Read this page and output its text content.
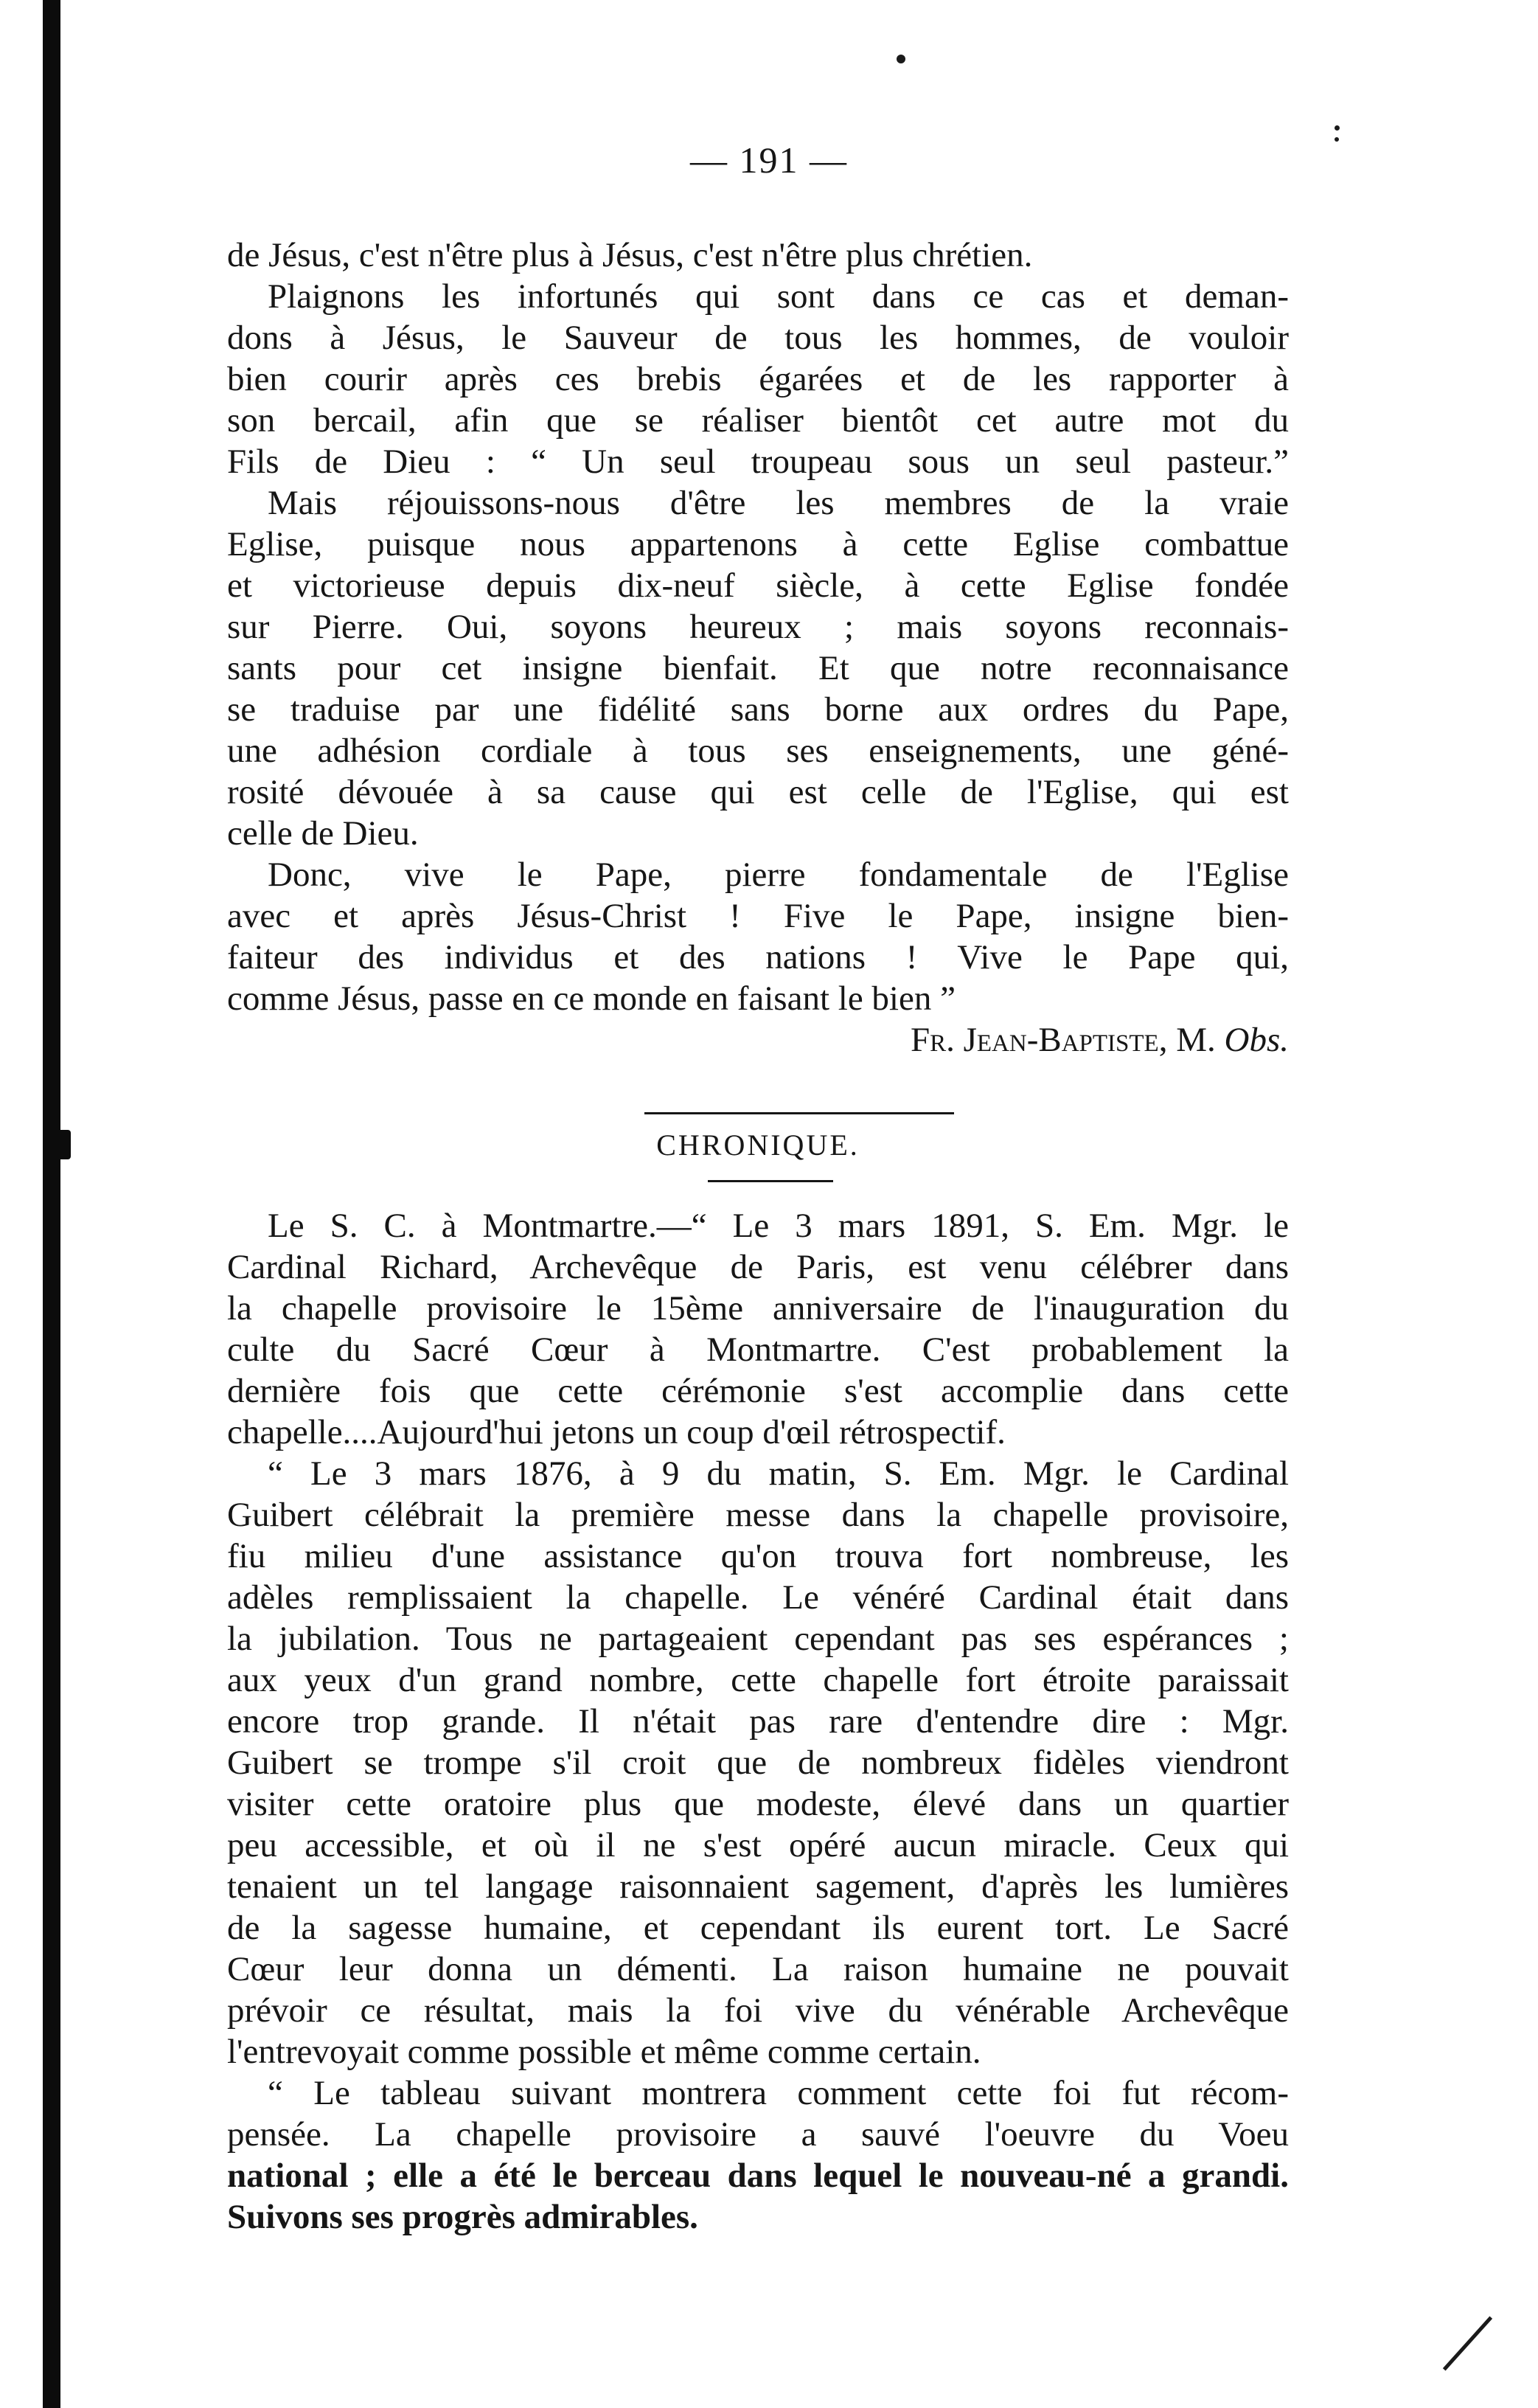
— 191 —
de Jésus, c'est n'être plus à Jésus, c'est n'être plus chrétien.
Plaignons les infortunés qui sont dans ce cas et deman-
dons à Jésus, le Sauveur de tous les hommes, de vouloir
bien courir après ces brebis égarées et de les rapporter à
son bercail, afin que se réaliser bientôt cet autre mot du
Fils de Dieu : “ Un seul troupeau sous un seul pasteur.”
Mais réjouissons-nous d'être les membres de la vraie
Eglise, puisque nous appartenons à cette Eglise combattue
et victorieuse depuis dix-neuf siècle, à cette Eglise fondée
sur Pierre. Oui, soyons heureux ; mais soyons reconnais-
sants pour cet insigne bienfait. Et que notre reconnaisance
se traduise par une fidélité sans borne aux ordres du Pape,
une adhésion cordiale à tous ses enseignements, une géné-
rosité dévouée à sa cause qui est celle de l'Eglise, qui est
celle de Dieu.
Donc, vive le Pape, pierre fondamentale de l'Eglise
avec et après Jésus-Christ ! Five le Pape, insigne bien-
faiteur des individus et des nations ! Vive le Pape qui,
comme Jésus, passe en ce monde en faisant le bien ”
Fr. Jean-Baptiste, M. Obs.
CHRONIQUE.
Le S. C. à Montmartre.—“ Le 3 mars 1891, S. Em. Mgr. le
Cardinal Richard, Archevêque de Paris, est venu célébrer dans
la chapelle provisoire le 15ème anniversaire de l'inauguration du
culte du Sacré Cœur à Montmartre. C'est probablement la
dernière fois que cette cérémonie s'est accomplie dans cette
chapelle....Aujourd'hui jetons un coup d'œil rétrospectif.
“ Le 3 mars 1876, à 9 du matin, S. Em. Mgr. le Cardinal
Guibert célébrait la première messe dans la chapelle provisoire,
fiu milieu d'une assistance qu'on trouva fort nombreuse, les
adèles remplissaient la chapelle. Le vénéré Cardinal était dans
la jubilation. Tous ne partageaient cependant pas ses espérances ;
aux yeux d'un grand nombre, cette chapelle fort étroite paraissait
encore trop grande. Il n'était pas rare d'entendre dire : Mgr.
Guibert se trompe s'il croit que de nombreux fidèles viendront
visiter cette oratoire plus que modeste, élevé dans un quartier
peu accessible, et où il ne s'est opéré aucun miracle. Ceux qui
tenaient un tel langage raisonnaient sagement, d'après les lumières
de la sagesse humaine, et cependant ils eurent tort. Le Sacré
Cœur leur donna un démenti. La raison humaine ne pouvait
prévoir ce résultat, mais la foi vive du vénérable Archevêque
l'entrevoyait comme possible et même comme certain.
“ Le tableau suivant montrera comment cette foi fut récom-
pensée. La chapelle provisoire a sauvé l'oeuvre du Voeu
national ; elle a été le berceau dans lequel le nouveau-né a grandi.
Suivons ses progrès admirables.
